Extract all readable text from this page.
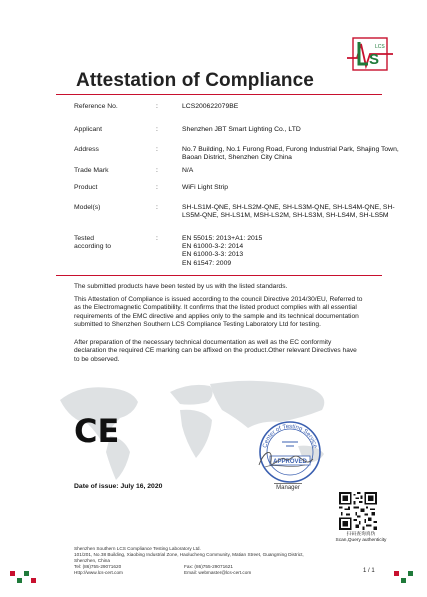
S
LCS
Attestation of Compliance
Reference No.	:	LCS200622079BE
Applicant	:	Shenzhen JBT Smart Lighting Co., LTD
Address	:	No.7 Building, No.1 Furong Road, Furong Industrial Park, Shajing Town, Baoan District, Shenzhen City China
Trade Mark	:	N/A
Product	:	WiFi Light Strip
Model(s)	:	SH-LS1M-QNE, SH-LS2M-QNE, SH-LS3M-QNE, SH-LS4M-QNE, SH-LS5M-QNE, SH-LS1M, MSH-LS2M, SH-LS3M, SH-LS4M, SH-LS5M
Tested
according to
:	EN 55015: 2013+A1: 2015
EN 61000-3-2: 2014
EN 61000-3-3: 2013
EN 61547: 2009
The submitted products have been tested by us with the listed standards.
This Attestation of Compliance is issued according to the council Directive 2014/30/EU, Referred to as the Electromagnetic Compatibility. It confirms that the listed product complies with all essential requirements of the EMC directive and applies only to the sample and its technical documentation submitted to Shenzhen Southern LCS Compliance Testing Laboratory Ltd for testing.
After preparation of the necessary technical documentation as well as the EC conformity declaration the required CE marking can be affixed on the product.Other relevant Directives have to be observed.
CE	Center of Testing Service
APPROVED
Manager
Date of issue: July 16, 2020
扫码查询真伪
Scan,Query authenticity
Shenzhen Southern LCS Compliance Testing Laboratory Ltd.
101/201, No.38 Building, Xiaobing Industrial Zone, Haolucheng Community, Matian Street, Guangming District,
Shenzhen, China
Tel: (86)755-29071620	Fax: (86)755-29071621
Http://www.lcs-cert.com	Email: webmaster@lcs-cert.com	1 / 1
